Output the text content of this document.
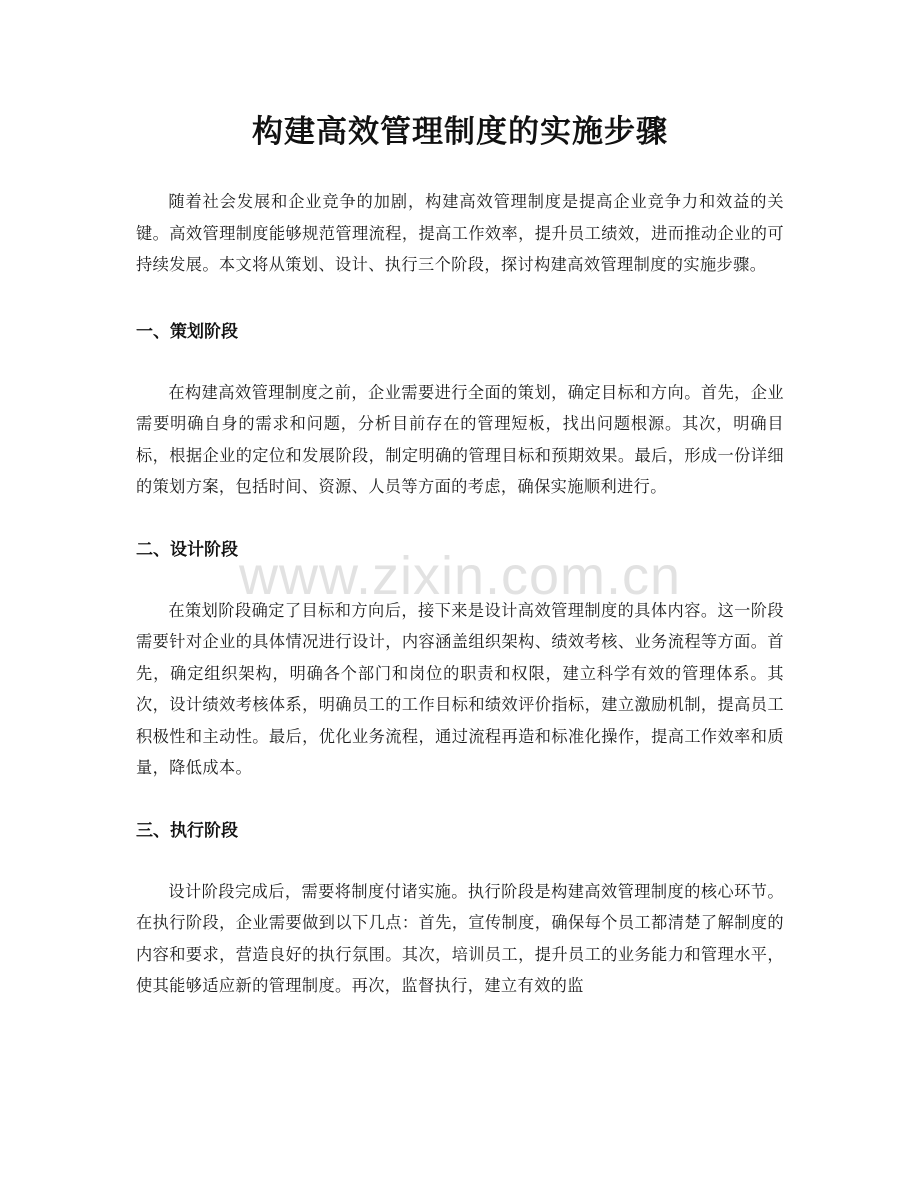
构建高效管理制度的实施步骤

随着社会发展和企业竞争的加剧，构建高效管理制度是提高企业竞争力和效益的关键。高效管理制度能够规范管理流程，提高工作效率，提升员工绩效，进而推动企业的可持续发展。本文将从策划、设计、执行三个阶段，探讨构建高效管理制度的实施步骤。

一、策划阶段

在构建高效管理制度之前，企业需要进行全面的策划，确定目标和方向。首先，企业需要明确自身的需求和问题，分析目前存在的管理短板，找出问题根源。其次，明确目标，根据企业的定位和发展阶段，制定明确的管理目标和预期效果。最后，形成一份详细的策划方案，包括时间、资源、人员等方面的考虑，确保实施顺利进行。

二、设计阶段

在策划阶段确定了目标和方向后，接下来是设计高效管理制度的具体内容。这一阶段需要针对企业的具体情况进行设计，内容涵盖组织架构、绩效考核、业务流程等方面。首先，确定组织架构，明确各个部门和岗位的职责和权限，建立科学有效的管理体系。其次，设计绩效考核体系，明确员工的工作目标和绩效评价指标，建立激励机制，提高员工积极性和主动性。最后，优化业务流程，通过流程再造和标准化操作，提高工作效率和质量，降低成本。

三、执行阶段

设计阶段完成后，需要将制度付诸实施。执行阶段是构建高效管理制度的核心环节。在执行阶段，企业需要做到以下几点：首先，宣传制度，确保每个员工都清楚了解制度的内容和要求，营造良好的执行氛围。其次，培训员工，提升员工的业务能力和管理水平，使其能够适应新的管理制度。再次，监督执行，建立有效的监

www.zixin.com.cn
